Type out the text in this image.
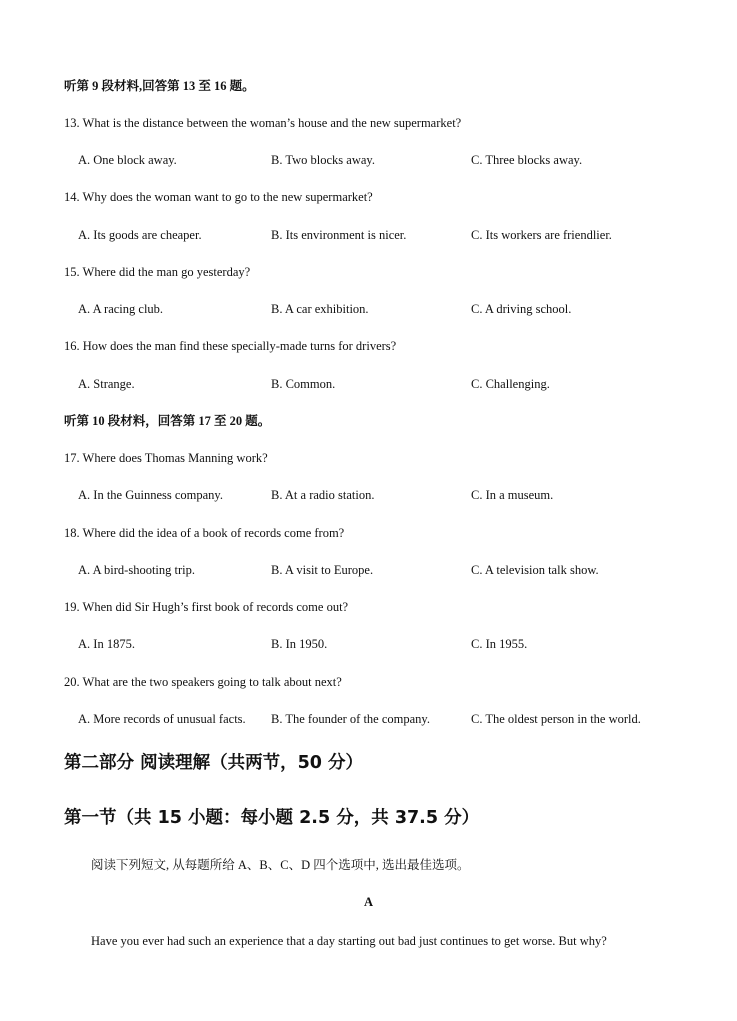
听第 9 段材料,回答第 13 至 16 题。
13. What is the distance between the woman’s house and the new supermarket?
A. One block away.	B. Two blocks away.	C. Three blocks away.
14. Why does the woman want to go to the new supermarket?
A. Its goods are cheaper.	B. Its environment is nicer.	C. Its workers are friendlier.
15. Where did the man go yesterday?
A. A racing club.	B. A car exhibition.	C. A driving school.
16. How does the man find these specially-made turns for drivers?
A. Strange.	B. Common.	C. Challenging.
听第 10 段材料，回答第 17 至 20 题。
17. Where does Thomas Manning work?
A. In the Guinness company.	B. At a radio station.	C. In a museum.
18. Where did the idea of a book of records come from?
A. A bird-shooting trip.	B. A visit to Europe.	C. A television talk show.
19. When did Sir Hugh’s first book of records come out?
A. In 1875.	B. In 1950.	C. In 1955.
20. What are the two speakers going to talk about next?
A. More records of unusual facts. B. The founder of the company.	C. The oldest person in the world.
第二部分 阅读理解（共两节，50 分）
第一节（共 15 小题：每小题 2.5 分，共 37.5 分）
阅读下列短文, 从每题所给 A、B、C、D 四个选项中, 选出最佳选项。
A
Have you ever had such an experience that a day starting out bad just continues to get worse. But why?
